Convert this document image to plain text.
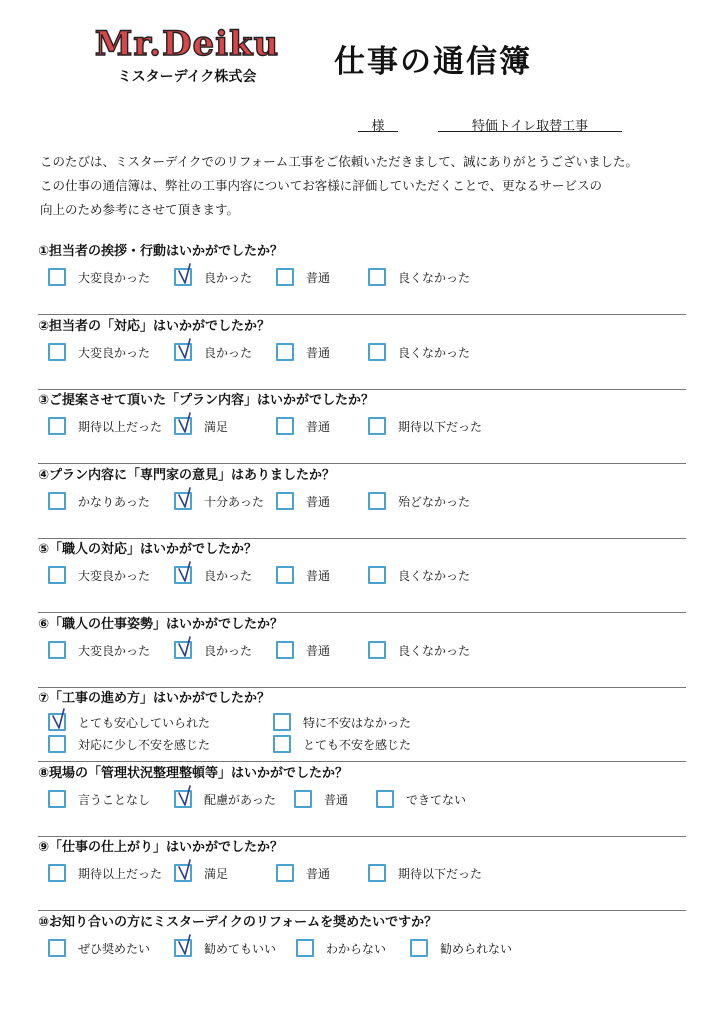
Mr.Deiku
ミスターデイク株式会	仕事の通信簿
様	特価トイレ取替工事
このたびは、ミスターデイクでのリフォーム工事をご依頼いただきまして、誠にありがとうございました。
この仕事の通信簿は、弊社の工事内容についてお客様に評価していただくことで、更なるサービスの
向上のため参考にさせて頂きます。
①担当者の挨拶・行動はいかがでしたか？
大変良かった	良かった	普通	良くなかった
②担当者の「対応」はいかがでしたか？
大変良かった	良かった	普通	良くなかった
③ご提案させて頂いた「プラン内容」はいかがでしたか？
期待以上だった	満足	普通	期待以下だった
④プラン内容に「専門家の意見」はありましたか？
かなりあった	十分あった	普通	殆どなかった
⑤「職人の対応」はいかがでしたか？
大変良かった	良かった	普通	良くなかった
⑥「職人の仕事姿勢」はいかがでしたか？
大変良かった	良かった	普通	良くなかった
⑦「工事の進め方」はいかがでしたか？
とても安心していられた	特に不安はなかった
対応に少し不安を感じた	とても不安を感じた
⑧現場の「管理状況整理整頓等」はいかがでしたか？
言うことなし	配慮があった	普通	できてない
⑨「仕事の仕上がり」はいかがでしたか？
期待以上だった	満足	普通	期待以下だった
⑩お知り合いの方にミスターデイクのリフォームを奨めたいですか？
ぜひ奨めたい	勧めてもいい	わからない	勧められない
